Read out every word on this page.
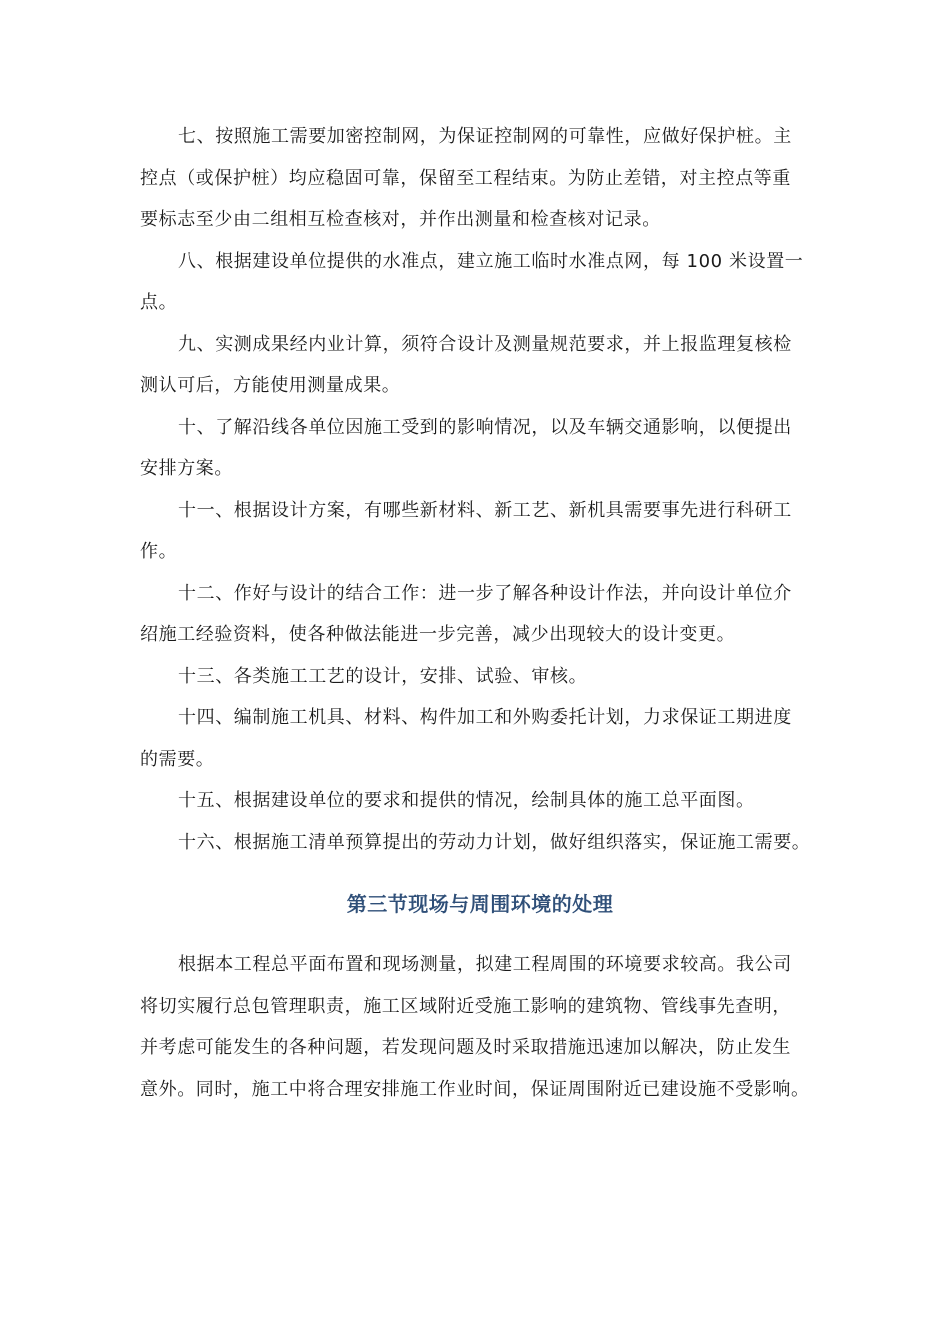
七、按照施工需要加密控制网，为保证控制网的可靠性，应做好保护桩。主
控点（或保护桩）均应稳固可靠，保留至工程结束。为防止差错，对主控点等重
要标志至少由二组相互检查核对，并作出测量和检查核对记录。

八、根据建设单位提供的水准点，建立施工临时水准点网，每 100 米设置一
点。

九、实测成果经内业计算，须符合设计及测量规范要求，并上报监理复核检
测认可后，方能使用测量成果。

十、了解沿线各单位因施工受到的影响情况，以及车辆交通影响，以便提出
安排方案。

十一、根据设计方案，有哪些新材料、新工艺、新机具需要事先进行科研工
作。

十二、作好与设计的结合工作：进一步了解各种设计作法，并向设计单位介
绍施工经验资料，使各种做法能进一步完善，减少出现较大的设计变更。

十三、各类施工工艺的设计，安排、试验、审核。

十四、编制施工机具、材料、构件加工和外购委托计划，力求保证工期进度
的需要。

十五、根据建设单位的要求和提供的情况，绘制具体的施工总平面图。

十六、根据施工清单预算提出的劳动力计划，做好组织落实，保证施工需要。

第三节现场与周围环境的处理

根据本工程总平面布置和现场测量，拟建工程周围的环境要求较高。我公司
将切实履行总包管理职责，施工区域附近受施工影响的建筑物、管线事先查明，
并考虑可能发生的各种问题，若发现问题及时采取措施迅速加以解决，防止发生
意外。同时，施工中将合理安排施工作业时间，保证周围附近已建设施不受影响。
